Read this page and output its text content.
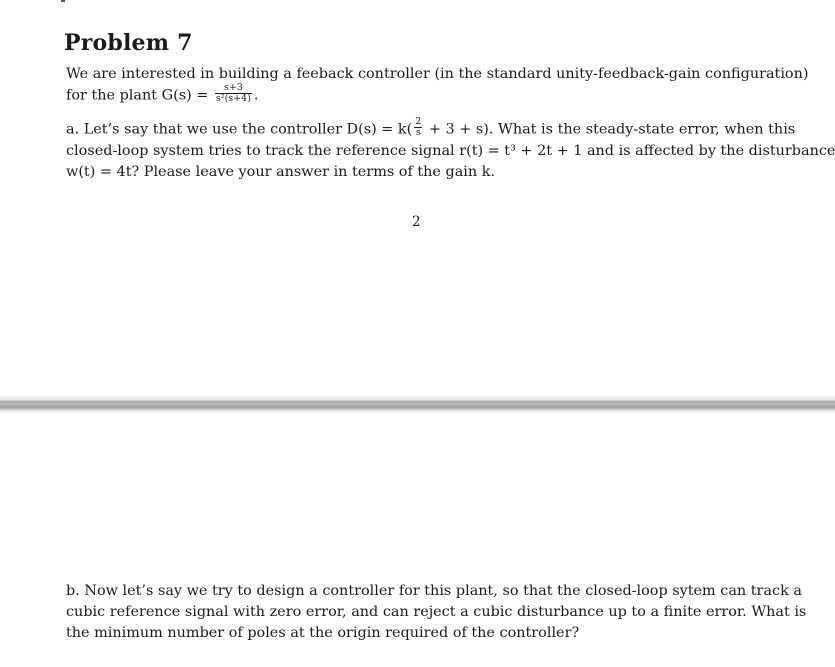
Problem 7
We are interested in building a feeback controller (in the standard unity-feedback-gain configuration)
for the plant $G(s) = \frac{s+3}{\text{s²(s+4)}}$ .
a. Let’s say that we use the controller $D(s) = k( \frac{2}{s} + 3 + s)$. What is the steady-state error, when this
closed-loop system tries to track the reference signal r(t) = t³ + 2t + 1 and is affected by the disturbance
w(t) = 4t? Please leave your answer in terms of the gain k.
2
b. Now let’s say we try to design a controller for this plant, so that the closed-loop sytem can track a
cubic reference signal with zero error, and can reject a cubic disturbance up to a finite error. What is
the minimum number of poles at the origin required of the controller?
